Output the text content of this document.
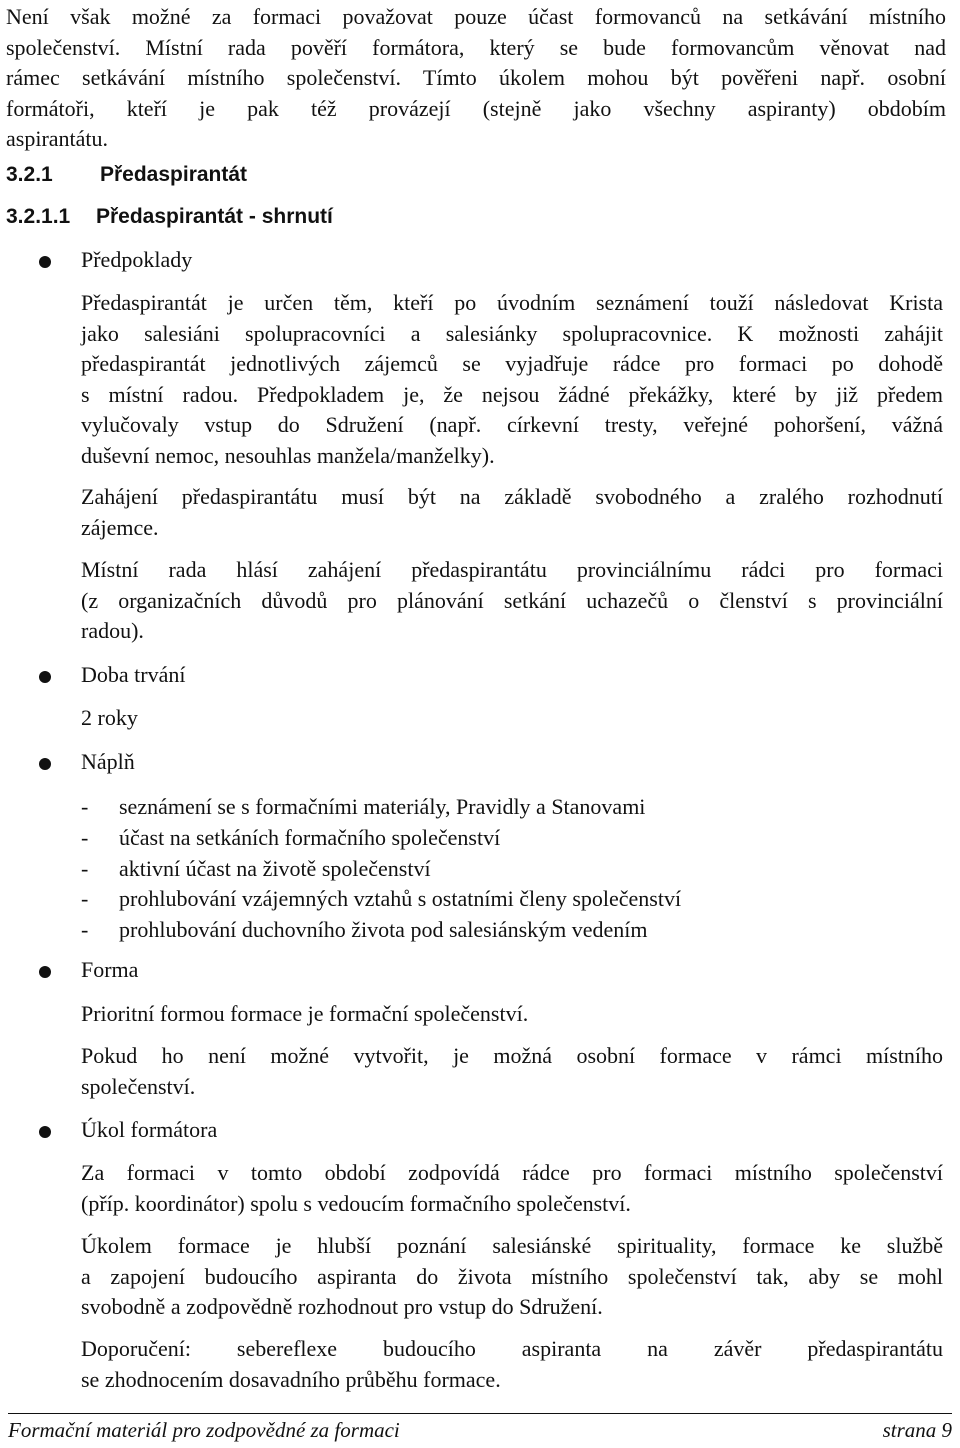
Není však možné za formaci považovat pouze účast formovanců na setkávání místního

společenství. Místní rada pověří formátora, který se bude formovancům věnovat nad

rámec setkávání místního společenství. Tímto úkolem mohou být pověřeni např. osobní

formátoři, kteří je pak též provázejí (stejně jako všechny aspiranty) obdobím

aspirantátu.

3.2.1 Předaspirantát
3.2.1.1 Předaspirantát - shrnutí
Předpoklady

Předaspirantát je určen těm, kteří po úvodním seznámení touží následovat Krista

jako salesiáni spolupracovníci a salesiánky spolupracovnice. K možnosti zahájit

předaspirantát jednotlivých zájemců se vyjadřuje rádce pro formaci po dohodě

s místní radou. Předpokladem je, že nejsou žádné překážky, které by již předem

vylučovaly vstup do Sdružení (např. církevní tresty, veřejné pohoršení, vážná

duševní nemoc, nesouhlas manžela/manželky).

Zahájení předaspirantátu musí být na základě svobodného a zralého rozhodnutí

zájemce.

Místní rada hlásí zahájení předaspirantátu provinciálnímu rádci pro formaci

(z organizačních důvodů pro plánování setkání uchazečů o členství s provinciální

radou).

Doba trvání
2 roky
Náplň
- seznámení se s formačními materiály, Pravidly a Stanovami
- účast na setkáních formačního společenství
- aktivní účast na životě společenství
- prohlubování vzájemných vztahů s ostatními členy společenství
- prohlubování duchovního života pod salesiánským vedením
Forma

Prioritní formou formace je formační společenství.

Pokud ho není možné vytvořit, je možná osobní formace v rámci místního

společenství.

Úkol formátora

Za formaci v tomto období zodpovídá rádce pro formaci místního společenství

(příp. koordinátor) spolu s vedoucím formačního společenství.

Úkolem formace je hlubší poznání salesiánské spirituality, formace ke službě

a zapojení budoucího aspiranta do života místního společenství tak, aby se mohl

svobodně a zodpovědně rozhodnout pro vstup do Sdružení.

Doporučení: sebereflexe budoucího aspiranta na závěr předaspirantátu

se zhodnocením dosavadního průběhu formace.

Formační materiál pro zodpovědné za formaci	strana 9
